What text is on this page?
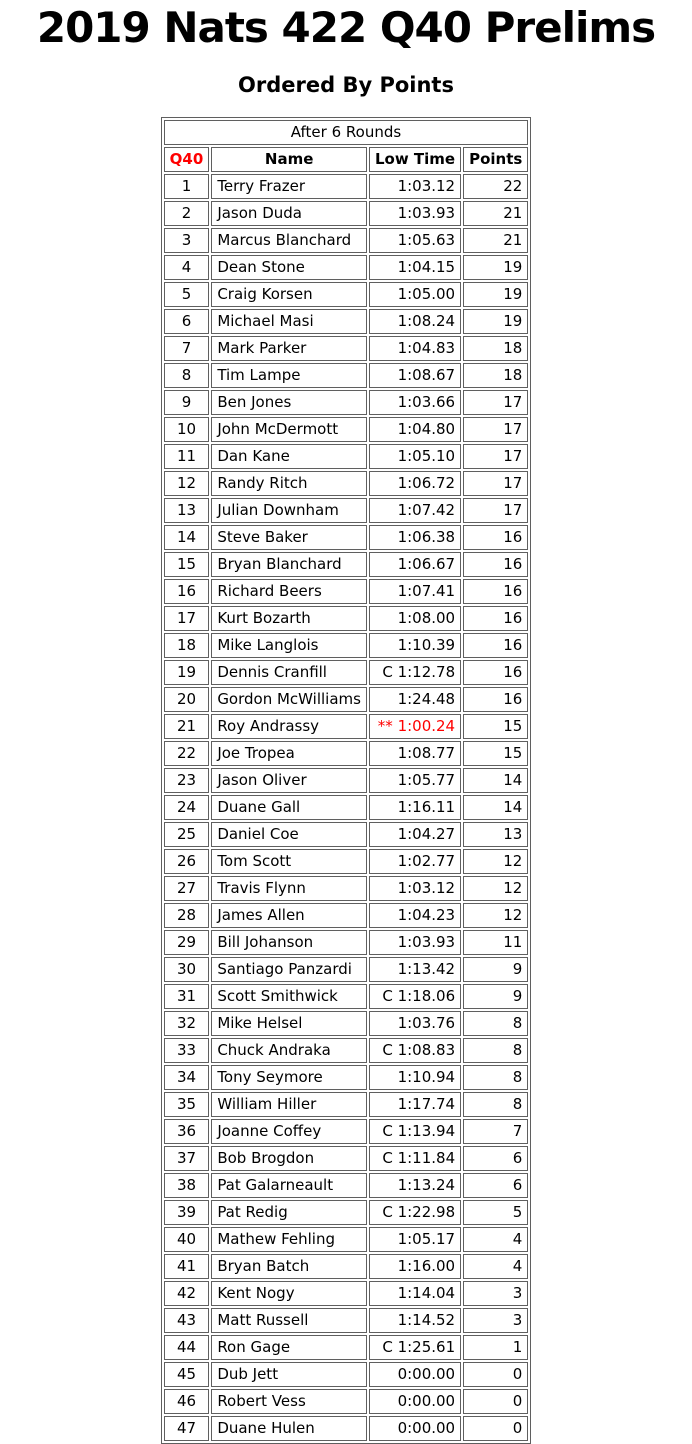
2019 Nats 422 Q40 Prelims
Ordered By Points
After 6 Rounds			
Q40	Name	Low Time	Points
1	Terry Frazer	1:03.12	22
2	Jason Duda	1:03.93	21
3	Marcus Blanchard	1:05.63	21
4	Dean Stone	1:04.15	19
5	Craig Korsen	1:05.00	19
6	Michael Masi	1:08.24	19
7	Mark Parker	1:04.83	18
8	Tim Lampe	1:08.67	18
9	Ben Jones	1:03.66	17
10	John McDermott	1:04.80	17
11	Dan Kane	1:05.10	17
12	Randy Ritch	1:06.72	17
13	Julian Downham	1:07.42	17
14	Steve Baker	1:06.38	16
15	Bryan Blanchard	1:06.67	16
16	Richard Beers	1:07.41	16
17	Kurt Bozarth	1:08.00	16
18	Mike Langlois	1:10.39	16
19	Dennis Cranfill	C 1:12.78	16
20	Gordon McWilliams	1:24.48	16
21	Roy Andrassy	** 1:00.24	15
22	Joe Tropea	1:08.77	15
23	Jason Oliver	1:05.77	14
24	Duane Gall	1:16.11	14
25	Daniel Coe	1:04.27	13
26	Tom Scott	1:02.77	12
27	Travis Flynn	1:03.12	12
28	James Allen	1:04.23	12
29	Bill Johanson	1:03.93	11
30	Santiago Panzardi	1:13.42	9
31	Scott Smithwick	C 1:18.06	9
32	Mike Helsel	1:03.76	8
33	Chuck Andraka	C 1:08.83	8
34	Tony Seymore	1:10.94	8
35	William Hiller	1:17.74	8
36	Joanne Coffey	C 1:13.94	7
37	Bob Brogdon	C 1:11.84	6
38	Pat Galarneault	1:13.24	6
39	Pat Redig	C 1:22.98	5
40	Mathew Fehling	1:05.17	4
41	Bryan Batch	1:16.00	4
42	Kent Nogy	1:14.04	3
43	Matt Russell	1:14.52	3
44	Ron Gage	C 1:25.61	1
45	Dub Jett	0:00.00	0
46	Robert Vess	0:00.00	0
47	Duane Hulen	0:00.00	0
